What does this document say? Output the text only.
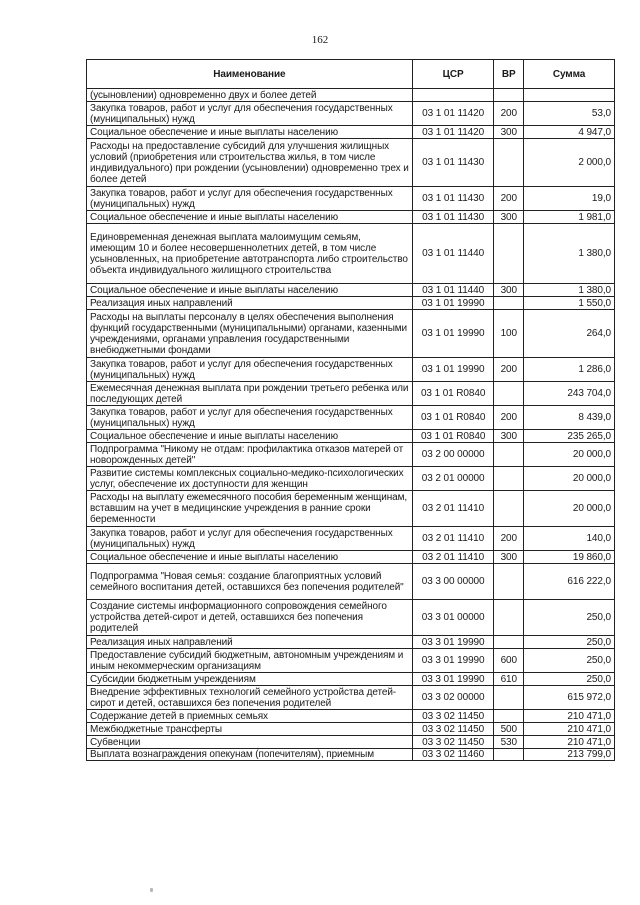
162
Наименование	ЦСР	ВР	Сумма
(усыновлении) одновременно двух и более детей			
Закупка товаров, работ и услуг для обеспечения государственных (муниципальных) нужд	03 1 01 11420	200	53,0
Социальное обеспечение и иные выплаты населению	03 1 01 11420	300	4 947,0
Расходы на предоставление субсидий для улучшения жилищных условий (приобретения или строительства жилья, в том числе индивидуального) при рождении (усыновлении) одновременно трех и более детей	03 1 01 11430		2 000,0
Закупка товаров, работ и услуг для обеспечения государственных (муниципальных) нужд	03 1 01 11430	200	19,0
Социальное обеспечение и иные выплаты населению	03 1 01 11430	300	1 981,0
Единовременная денежная выплата малоимущим семьям, имеющим 10 и более несовершеннолетних детей, в том числе усыновленных, на приобретение автотранспорта либо строительство объекта индивидуального жилищного строительства	03 1 01 11440		1 380,0
Социальное обеспечение и иные выплаты населению	03 1 01 11440	300	1 380,0
Реализация иных направлений	03 1 01 19990		1 550,0
Расходы на выплаты персоналу в целях обеспечения выполнения функций государственными (муниципальными) органами, казенными учреждениями, органами управления государственными внебюджетными фондами	03 1 01 19990	100	264,0
Закупка товаров, работ и услуг для обеспечения государственных (муниципальных) нужд	03 1 01 19990	200	1 286,0
Ежемесячная денежная выплата при рождении третьего ребенка или последующих детей	03 1 01 R0840		243 704,0
Закупка товаров, работ и услуг для обеспечения государственных (муниципальных) нужд	03 1 01 R0840	200	8 439,0
Социальное обеспечение и иные выплаты населению	03 1 01 R0840	300	235 265,0
Подпрограмма "Никому не отдам: профилактика отказов матерей от новорожденных детей"	03 2 00 00000		20 000,0
Развитие системы комплексных социально-медико-психологических услуг, обеспечение их доступности для женщин	03 2 01 00000		20 000,0
Расходы на выплату ежемесячного пособия беременным женщинам, вставшим на учет в медицинские учреждения в ранние сроки беременности	03 2 01 11410		20 000,0
Закупка товаров, работ и услуг для обеспечения государственных (муниципальных) нужд	03 2 01 11410	200	140,0
Социальное обеспечение и иные выплаты населению	03 2 01 11410	300	19 860,0
Подпрограмма "Новая семья: создание благоприятных условий семейного воспитания детей, оставшихся без попечения родителей"	03 3 00 00000		616 222,0
Создание системы информационного сопровождения семейного устройства детей-сирот и детей, оставшихся без попечения родителей	03 3 01 00000		250,0
Реализация иных направлений	03 3 01 19990		250,0
Предоставление субсидий бюджетным, автономным учреждениям и иным некоммерческим организациям	03 3 01 19990	600	250,0
Субсидии бюджетным учреждениям	03 3 01 19990	610	250,0
Внедрение эффективных технологий семейного устройства детей-сирот и детей, оставшихся без попечения родителей	03 3 02 00000		615 972,0
Содержание детей в приемных семьях	03 3 02 11450		210 471,0
Межбюджетные трансферты	03 3 02 11450	500	210 471,0
Субвенции	03 3 02 11450	530	210 471,0
Выплата вознаграждения опекунам (попечителям), приемным	03 3 02 11460		213 799,0
